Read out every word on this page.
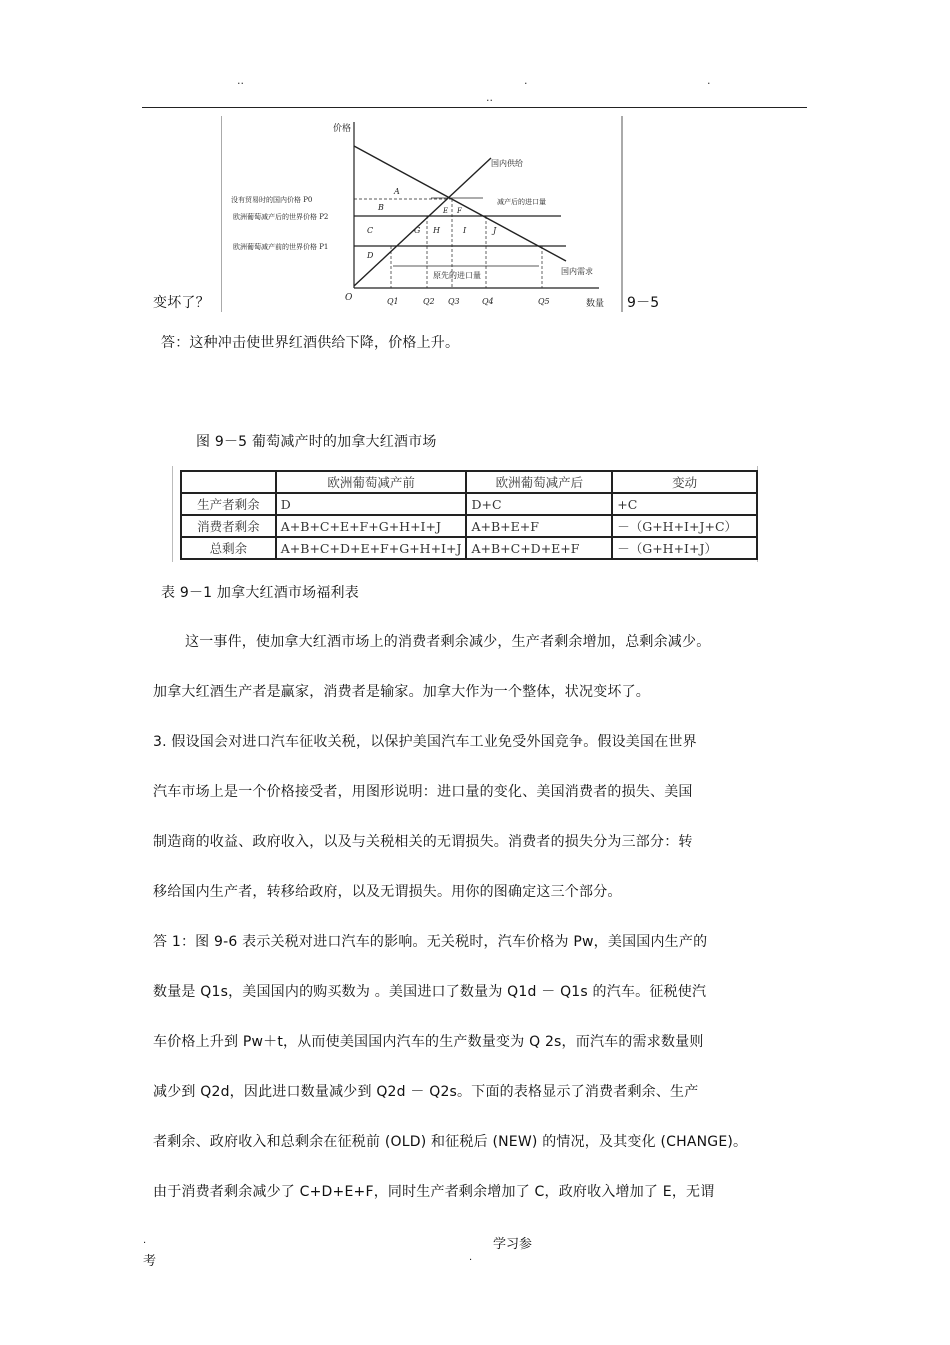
..	.	.
..
变坏了？	9－5
价格
O
数量
国内供给
国内需求
没有贸易时的国内价格 P0
欧洲葡萄减产后的世界价格 P2
欧洲葡萄减产前的世界价格 P1
减产后的进口量
原先的进口量
A
B
C
D
E F
G H	I	J
Q1	Q2 Q3	Q4	Q5
答：这种冲击使世界红酒供给下降，价格上升。
图 9－5 葡萄减产时的加拿大红酒市场
	欧洲葡萄减产前	欧洲葡萄减产后	变动
生产者剩余	D	D+C	+C
消费者剩余	A+B+C+E+F+G+H+I+J	A+B+E+F	－（G+H+I+J+C）
总剩余	A+B+C+D+E+F+G+H+I+J	A+B+C+D+E+F	－（G+H+I+J）
表 9－1 加拿大红酒市场福利表
这一事件，使加拿大红酒市场上的消费者剩余减少，生产者剩余增加，总剩余减少。
加拿大红酒生产者是赢家，消费者是输家。加拿大作为一个整体，状况变坏了。
3. 假设国会对进口汽车征收关税，以保护美国汽车工业免受外国竞争。假设美国在世界
汽车市场上是一个价格接受者，用图形说明：进口量的变化、美国消费者的损失、美国
制造商的收益、政府收入，以及与关税相关的无谓损失。消费者的损失分为三部分：转
移给国内生产者，转移给政府，以及无谓损失。用你的图确定这三个部分。
答 1：图 9-6 表示关税对进口汽车的影响。无关税时，汽车价格为 Pw，美国国内生产的
数量是 Q1s，美国国内的购买数为 。美国进口了数量为 Q1d － Q1s 的汽车。征税使汽
车价格上升到 Pw＋t，从而使美国国内汽车的生产数量变为 Q 2s，而汽车的需求数量则
减少到 Q2d，因此进口数量减少到 Q2d － Q2s。下面的表格显示了消费者剩余、生产
者剩余、政府收入和总剩余在征税前 (OLD) 和征税后 (NEW) 的情况，及其变化 (CHANGE)。
由于消费者剩余减少了 C+D+E+F，同时生产者剩余增加了 C，政府收入增加了 E，无谓
学习参
.
考	.
